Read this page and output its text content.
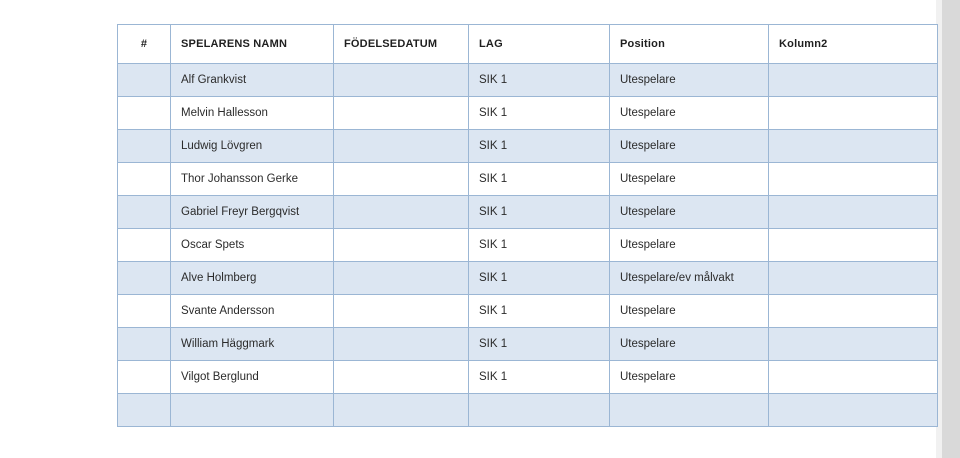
#	SPELARENS NAMN	FÖDELSEDATUM	LAG	Position	Kolumn2
	Alf Grankvist		SIK 1	Utespelare	
	Melvin Hallesson		SIK 1	Utespelare	
	Ludwig Lövgren		SIK 1	Utespelare	
	Thor Johansson Gerke		SIK 1	Utespelare	
	Gabriel Freyr Bergqvist		SIK 1	Utespelare	
	Oscar Spets		SIK 1	Utespelare	
	Alve Holmberg		SIK 1	Utespelare/ev målvakt	
	Svante Andersson		SIK 1	Utespelare	
	William Häggmark		SIK 1	Utespelare	
	Vilgot Berglund		SIK 1	Utespelare	
